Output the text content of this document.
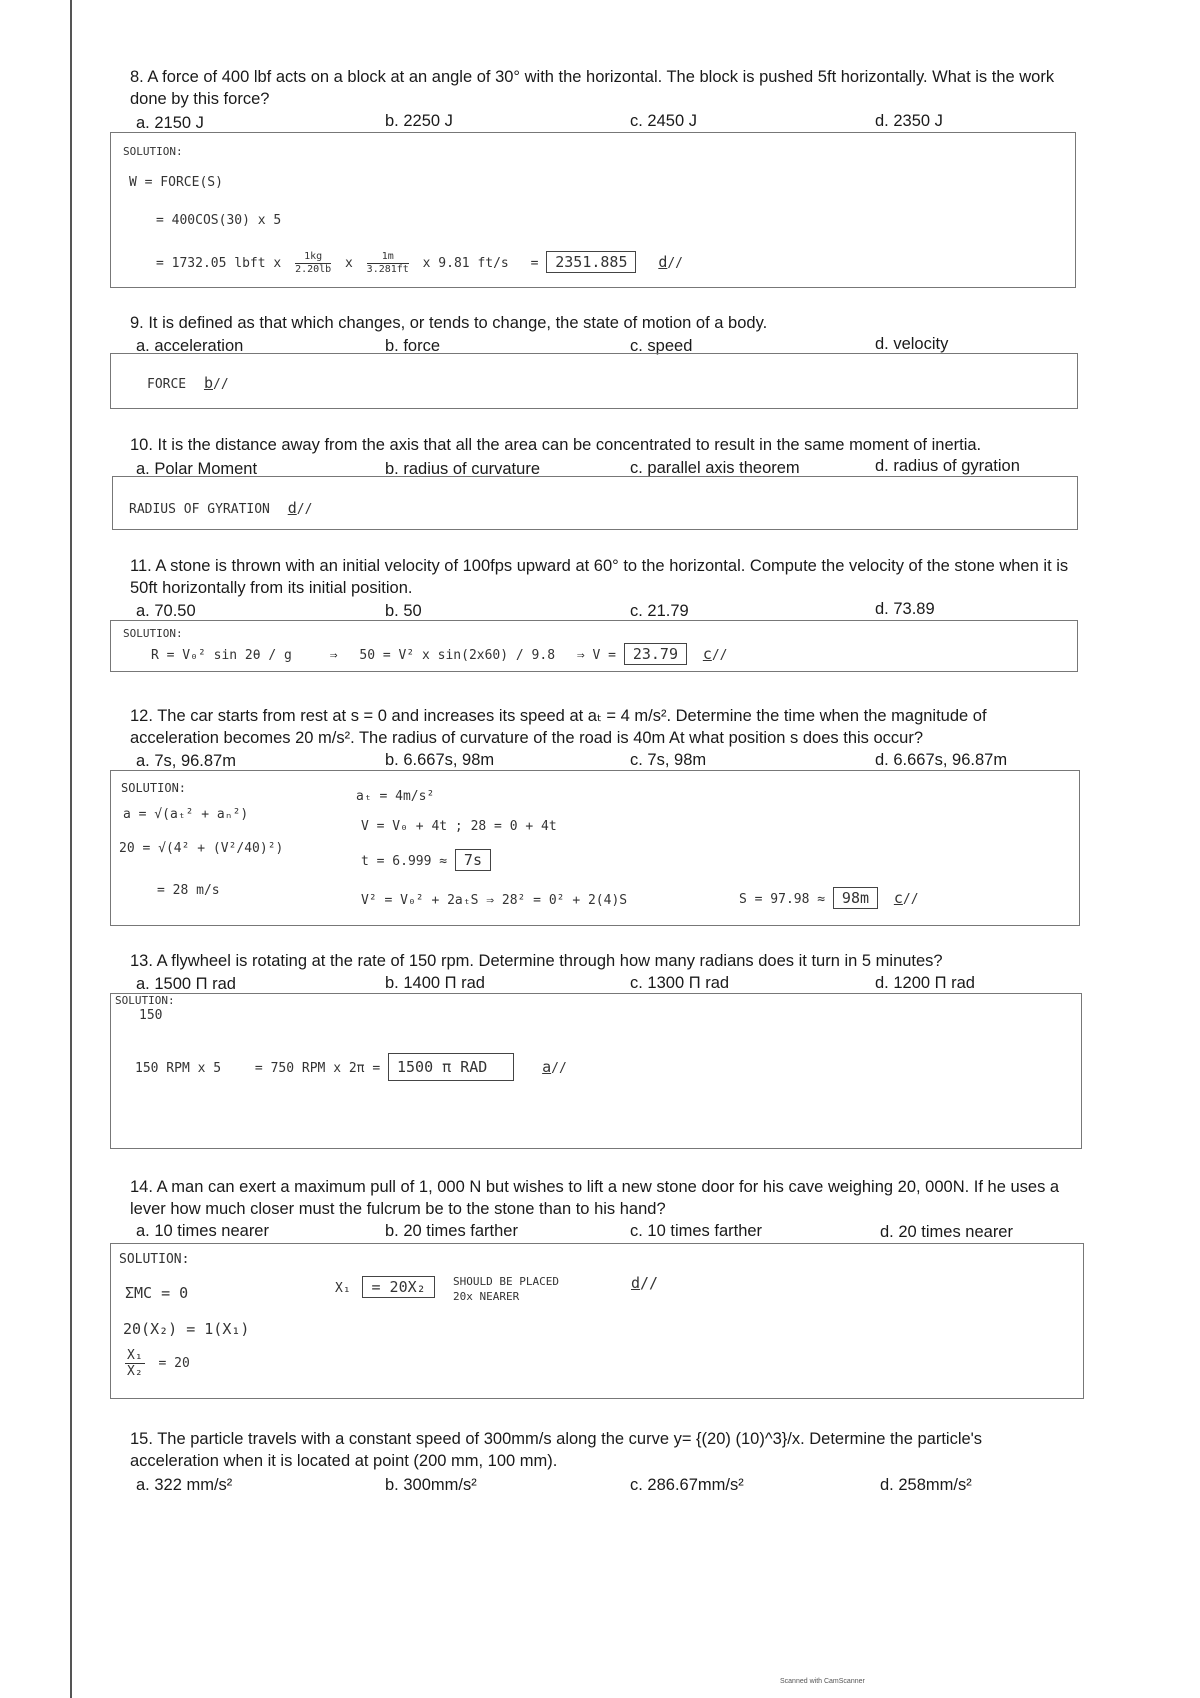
8. A force of 400 lbf acts on a block at an angle of 30° with the horizontal. The block is pushed 5ft horizontally. What is the work done by this force?
a. 2150 J	b. 2250 J	c. 2450 J	d. 2350 J
SOLUTION:
W = FORCE(S)
= 400COS(30) x 5
= 1732.05 lbft x $\frac{1kg}{2.20lb}$ x $\frac{1m}{3.281ft}$ x 9.81 ft/s = 2351.885 d//
9. It is defined as that which changes, or tends to change, the state of motion of a body.
a. acceleration	b. force	c. speed	d. velocity
FORCE b//
10. It is the distance away from the axis that all the area can be concentrated to result in the same moment of inertia.
a. Polar Moment	b. radius of curvature	c. parallel axis theorem	d. radius of gyration
RADIUS OF GYRATION d//
11. A stone is thrown with an initial velocity of 100fps upward at 60° to the horizontal. Compute the velocity of the stone when it is 50ft horizontally from its initial position.
a. 70.50	b. 50	c. 21.79	d. 73.89
SOLUTION:
R = V₀² sin 2θ / g	⇒ 50 = V² x sin(2x60) / 9.8 ⇒ V = 23.79 c//
12. The car starts from rest at s = 0 and increases its speed at aₜ = 4 m/s². Determine the time when the magnitude of acceleration becomes 20 m/s². The radius of curvature of the road is 40m At what position s does this occur?
a. 7s, 96.87m	b. 6.667s, 98m	c. 7s, 98m	d. 6.667s, 96.87m
SOLUTION:
a = √(aₜ² + aₙ²)
20 = √(4² + (V²/40)²)
= 28 m/s
aₜ = 4m/s²
V = V₀ + 4t ; 28 = 0 + 4t
t = 6.999 ≈ 7s
V² = V₀² + 2aₜS ⇒ 28² = 0² + 2(4)S	S = 97.98 ≈ 98m c//
13. A flywheel is rotating at the rate of 150 rpm. Determine through how many radians does it turn in 5 minutes?
a. 1500 Π rad	b. 1400 Π rad	c. 1300 Π rad	d. 1200 Π rad
SOLUTION:
150
150 RPM x 5	= 750 RPM x 2π = 1500 π RAD	a//
14. A man can exert a maximum pull of 1, 000 N but wishes to lift a new stone door for his cave weighing 20, 000N. If he uses a lever how much closer must the fulcrum be to the stone than to his hand?
a. 10 times nearer	b. 20 times farther	c. 10 times farther	d. 20 times nearer
SOLUTION:
ΣMC = 0
20(X₂) = 1(X₁)
$\frac{\text{X₁}}{\text{X₂}} = 20$
X₁ = 20X₂	SHOULD BE PLACED
20x NEARER
d//
15. The particle travels with a constant speed of 300mm/s along the curve y= {(20) (10)^3}/x. Determine the particle's acceleration when it is located at point (200 mm, 100 mm).
a. 322 mm/s²	b. 300mm/s²	c. 286.67mm/s²	d. 258mm/s²
Scanned with CamScanner
